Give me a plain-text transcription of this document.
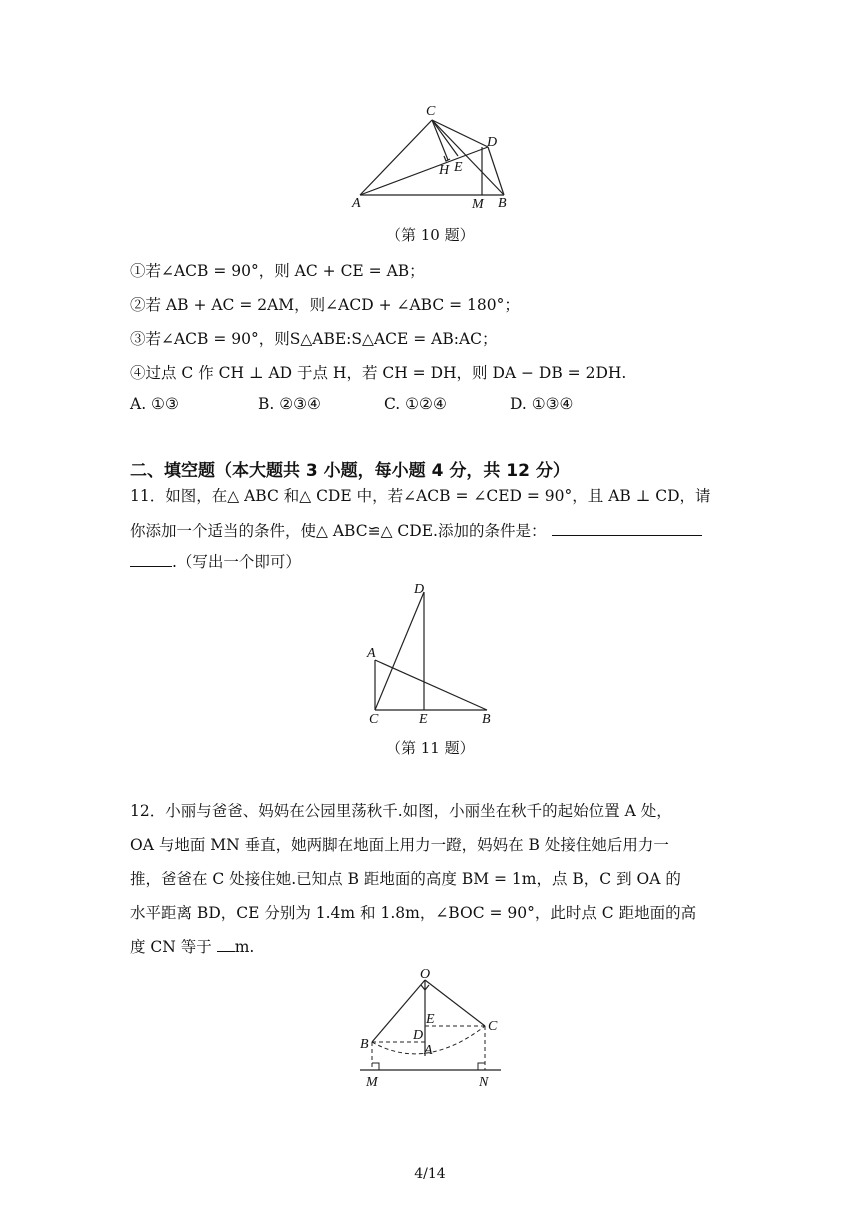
C
D
H E
A	M B
（第 10 题）
①若∠ACB = 90°，则 AC + CE = AB；
②若 AB + AC = 2AM，则∠ACD + ∠ABC = 180°；
③若∠ACB = 90°，则S△ABE:S△ACE = AB:AC；
④过点 C 作 CH ⊥ AD 于点 H，若 CH = DH，则 DA − DB = 2DH.
A. ①③	B. ②③④	C. ①②④	D. ①③④
二、填空题（本大题共 3 小题，每小题 4 分，共 12 分）
11．如图，在△ ABC 和△ CDE 中，若∠ACB = ∠CED = 90°，且 AB ⊥ CD，请
你添加一个适当的条件，使△ ABC≌△ CDE.添加的条件是：
.（写出一个即可）
D
A
C	E	B
（第 11 题）
12．小丽与爸爸、妈妈在公园里荡秋千.如图，小丽坐在秋千的起始位置 A 处，
OA 与地面 MN 垂直，她两脚在地面上用力一蹬，妈妈在 B 处接住她后用力一
推，爸爸在 C 处接住她.已知点 B 距地面的高度 BM = 1m，点 B，C 到 OA 的
水平距离 BD，CE 分别为 1.4m 和 1.8m，∠BOC = 90°，此时点 C 距地面的高
度 CN 等于 m.
O
E	C
B
D
A
M	N
4/14
